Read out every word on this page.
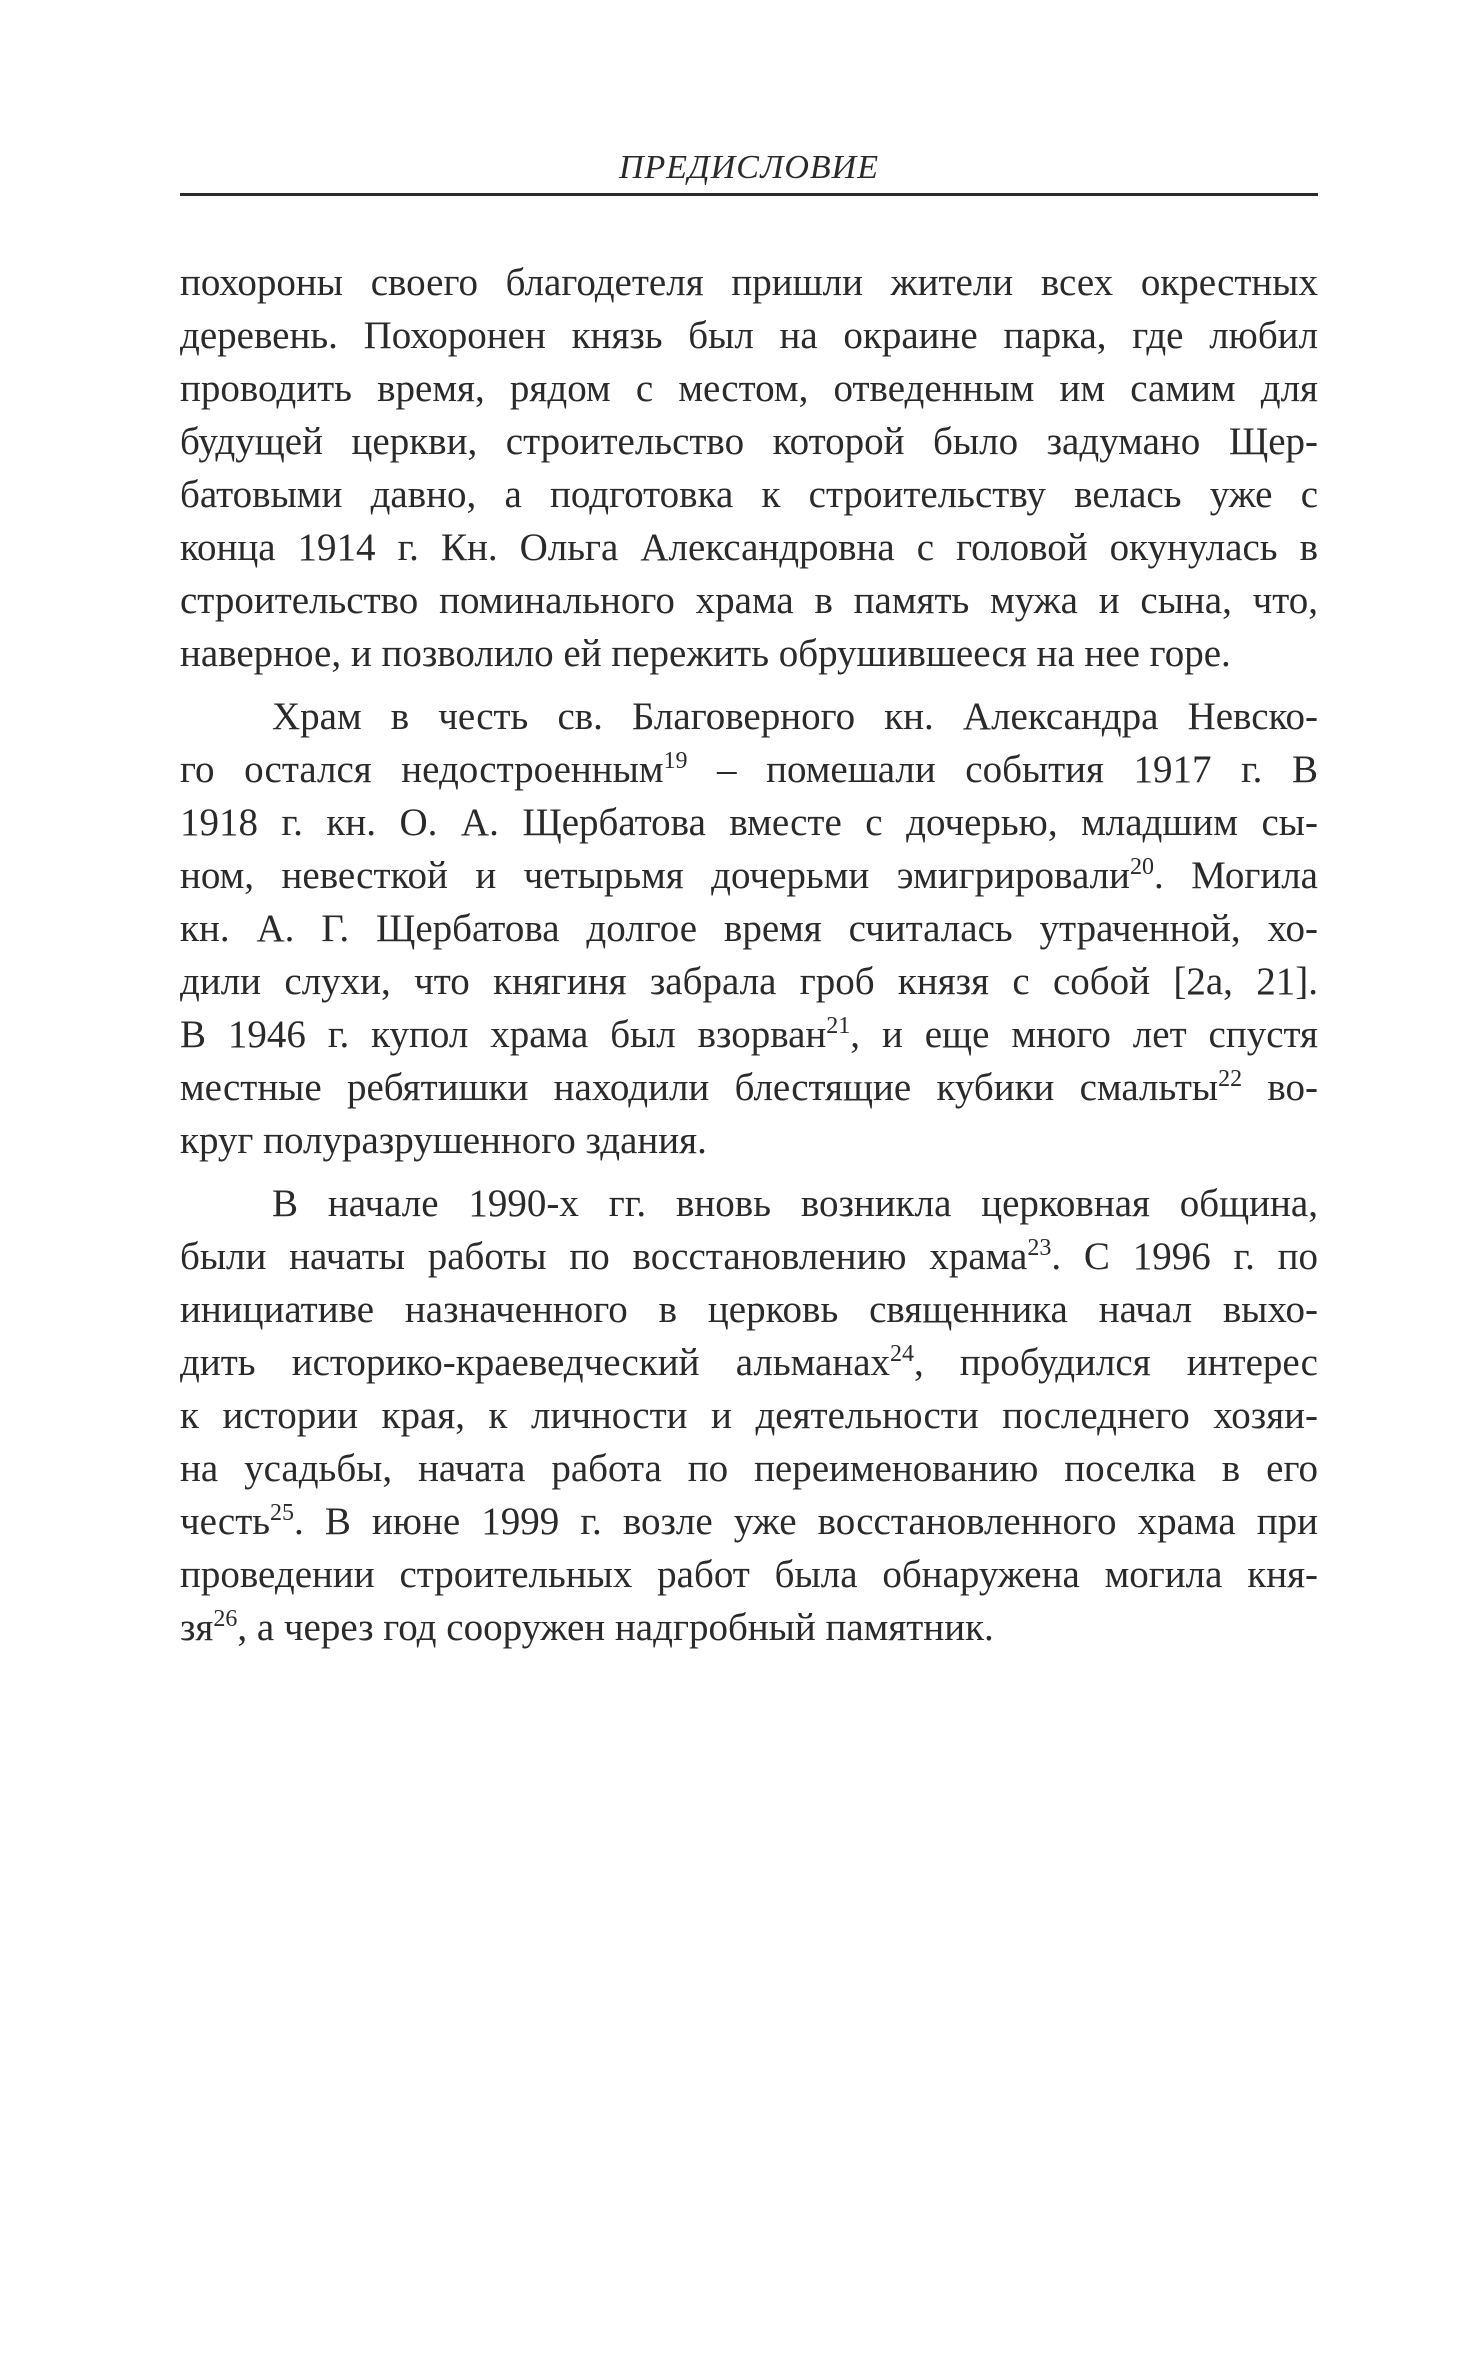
ПРЕДИСЛОВИЕ
похороны своего благодетеля пришли жители всех окрестных
деревень. Похоронен князь был на окраине парка, где любил
проводить время, рядом с местом, отведенным им самим для
будущей церкви, строительство которой было задумано Щер-
батовыми давно, а подготовка к строительству велась уже с
конца 1914 г. Кн. Ольга Александровна с головой окунулась в
строительство поминального храма в память мужа и сына, что,
наверное, и позволило ей пережить обрушившееся на нее горе.
Храм в честь св. Благоверного кн. Александра Невско-
го остался недостроенным$^{19}$ – помешали события 1917 г. В
1918 г. кн. О. А. Щербатова вместе с дочерью, младшим сы-
ном, невесткой и четырьмя дочерьми эмигрировали$^{20}$. Могила
кн. А. Г. Щербатова долгое время считалась утраченной, хо-
дили слухи, что княгиня забрала гроб князя с собой [2а, 21].
В 1946 г. купол храма был взорван$^{21}$, и еще много лет спустя
местные ребятишки находили блестящие кубики смальты$^{22}$ во-
круг полуразрушенного здания.
В начале 1990-х гг. вновь возникла церковная община,
были начаты работы по восстановлению храма$^{23}$. С 1996 г. по
инициативе назначенного в церковь священника начал выхо-
дить историко-краеведческий альманах$^{24}$, пробудился интерес
к истории края, к личности и деятельности последнего хозяи-
на усадьбы, начата работа по переименованию поселка в его
честь$^{25}$. В июне 1999 г. возле уже восстановленного храма при
проведении строительных работ была обнаружена могила кня-
зя$^{26}$, а через год сооружен надгробный памятник.
